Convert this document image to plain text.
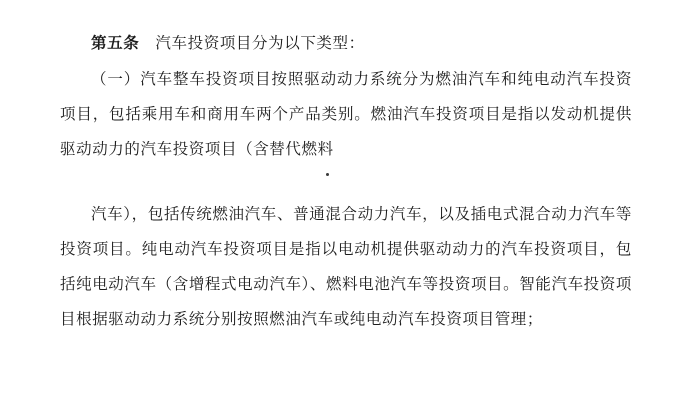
第五条　汽车投资项目分为以下类型：

（一）汽车整车投资项目按照驱动动力系统分为燃油汽车和纯电动汽车投资项目，包括乘用车和商用车两个产品类别。燃油汽车投资项目是指以发动机提供驱动动力的汽车投资项目（含替代燃料

汽车），包括传统燃油汽车、普通混合动力汽车，以及插电式混合动力汽车等投资项目。纯电动汽车投资项目是指以电动机提供驱动动力的汽车投资项目，包括纯电动汽车（含增程式电动汽车）、燃料电池汽车等投资项目。智能汽车投资项目根据驱动动力系统分别按照燃油汽车或纯电动汽车投资项目管理；
